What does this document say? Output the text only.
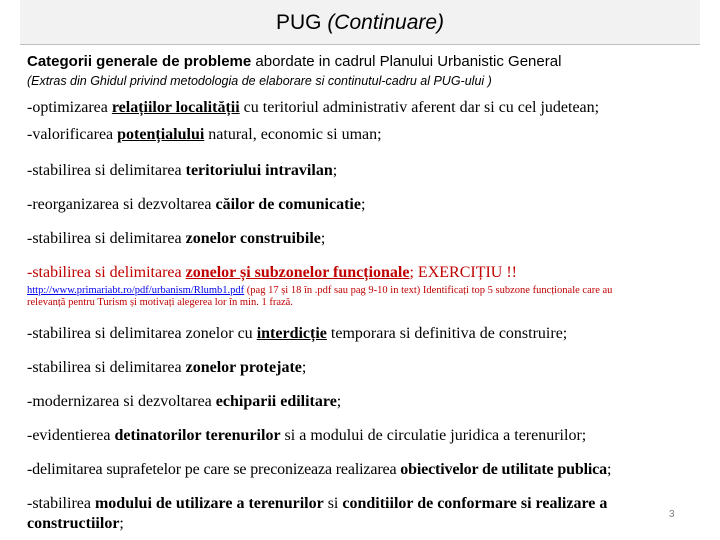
PUG (Continuare)
Categorii generale de probleme abordate in cadrul Planului Urbanistic General
(Extras din Ghidul privind metodologia de elaborare si continutul-cadru al PUG-ului )
-optimizarea relațiilor localității cu teritoriul administrativ aferent dar si cu cel judetean;
-valorificarea potențialului natural, economic si uman;
-stabilirea si delimitarea teritoriului intravilan;
-reorganizarea si dezvoltarea căilor de comunicatie;
-stabilirea si delimitarea zonelor construibile;
-stabilirea si delimitarea zonelor și subzonelor funcționale; EXERCIȚIU !!
http://www.primariabt.ro/pdf/urbanism/Rlumb1.pdf (pag 17 și 18 în .pdf sau pag 9-10 in text) Identificați top 5 subzone funcționale care au
relevanță pentru Turism și motivați alegerea lor în min. 1 frază.
-stabilirea si delimitarea zonelor cu interdicție temporara si definitiva de construire;
-stabilirea si delimitarea zonelor protejate;
-modernizarea si dezvoltarea echiparii edilitare;
-evidentierea detinatorilor terenurilor si a modului de circulatie juridica a terenurilor;
-delimitarea suprafetelor pe care se preconizeaza realizarea obiectivelor de utilitate publica;
-stabilirea modului de utilizare a terenurilor si conditiilor de conformare si realizare a
constructiilor;
3
